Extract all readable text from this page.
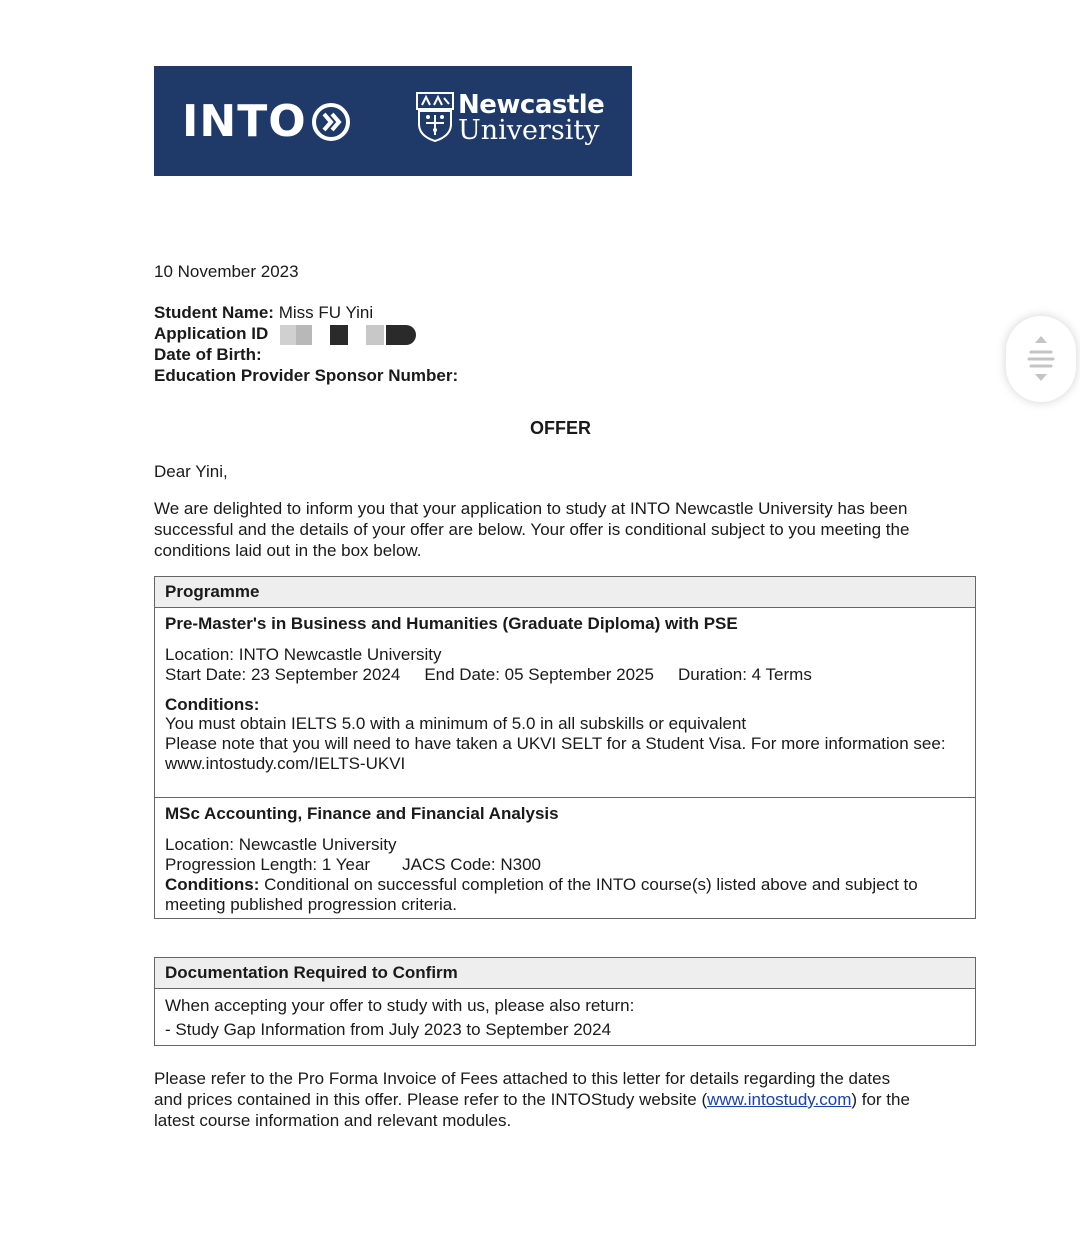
INTO	Newcastle
University
10 November 2023
Student Name: Miss FU Yini
Application ID
Date of Birth:
Education Provider Sponsor Number:
OFFER
Dear Yini,
We are delighted to inform you that your application to study at INTO Newcastle University has been
successful and the details of your offer are below. Your offer is conditional subject to you meeting the
conditions laid out in the box below.
Programme
Pre-Master's in Business and Humanities (Graduate Diploma) with PSE
Location: INTO Newcastle University
Start Date: 23 September 2024 End Date: 05 September 2025 Duration: 4 Terms
Conditions:
You must obtain IELTS 5.0 with a minimum of 5.0 in all subskills or equivalent
Please note that you will need to have taken a UKVI SELT for a Student Visa. For more information see:
www.intostudy.com/IELTS-UKVI
MSc Accounting, Finance and Financial Analysis
Location: Newcastle University
Progression Length: 1 Year JACS Code: N300
Conditions: Conditional on successful completion of the INTO course(s) listed above and subject to
meeting published progression criteria.
Documentation Required to Confirm
When accepting your offer to study with us, please also return:
- Study Gap Information from July 2023 to September 2024
Please refer to the Pro Forma Invoice of Fees attached to this letter for details regarding the dates
and prices contained in this offer. Please refer to the INTOStudy website (www.intostudy.com) for the
latest course information and relevant modules.
